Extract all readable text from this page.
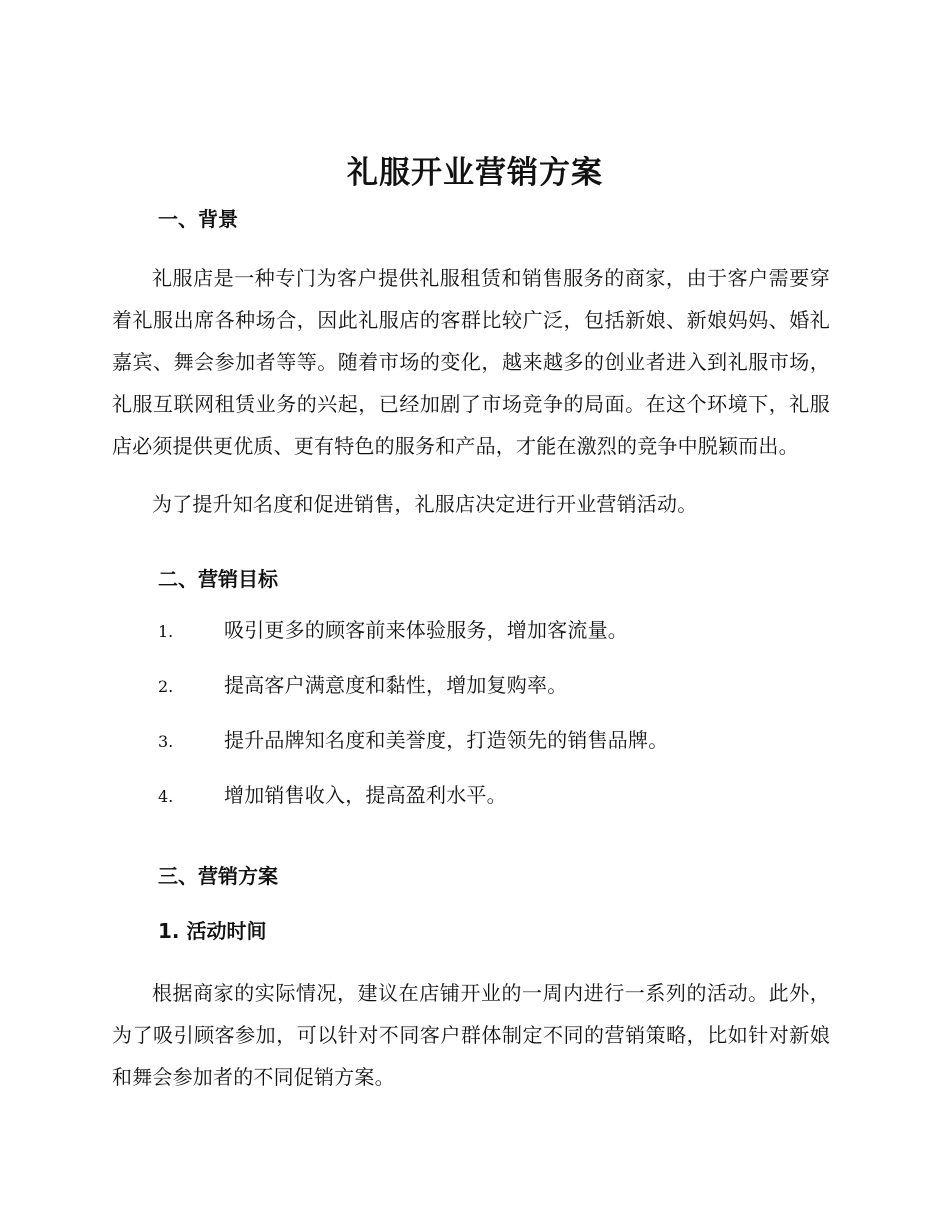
礼服开业营销方案
一、背景

礼服店是一种专门为客户提供礼服租赁和销售服务的商家，由于客户需要穿着礼服出席各种场合，因此礼服店的客群比较广泛，包括新娘、新娘妈妈、婚礼嘉宾、舞会参加者等等。随着市场的变化，越来越多的创业者进入到礼服市场，礼服互联网租赁业务的兴起，已经加剧了市场竞争的局面。在这个环境下，礼服店必须提供更优质、更有特色的服务和产品，才能在激烈的竞争中脱颖而出。

为了提升知名度和促进销售，礼服店决定进行开业营销活动。

二、营销目标
1.	吸引更多的顾客前来体验服务，增加客流量。
2.	提高客户满意度和黏性，增加复购率。
3.	提升品牌知名度和美誉度，打造领先的销售品牌。
4.	增加销售收入，提高盈利水平。
三、营销方案
1. 活动时间

根据商家的实际情况，建议在店铺开业的一周内进行一系列的活动。此外，为了吸引顾客参加，可以针对不同客户群体制定不同的营销策略，比如针对新娘和舞会参加者的不同促销方案。
